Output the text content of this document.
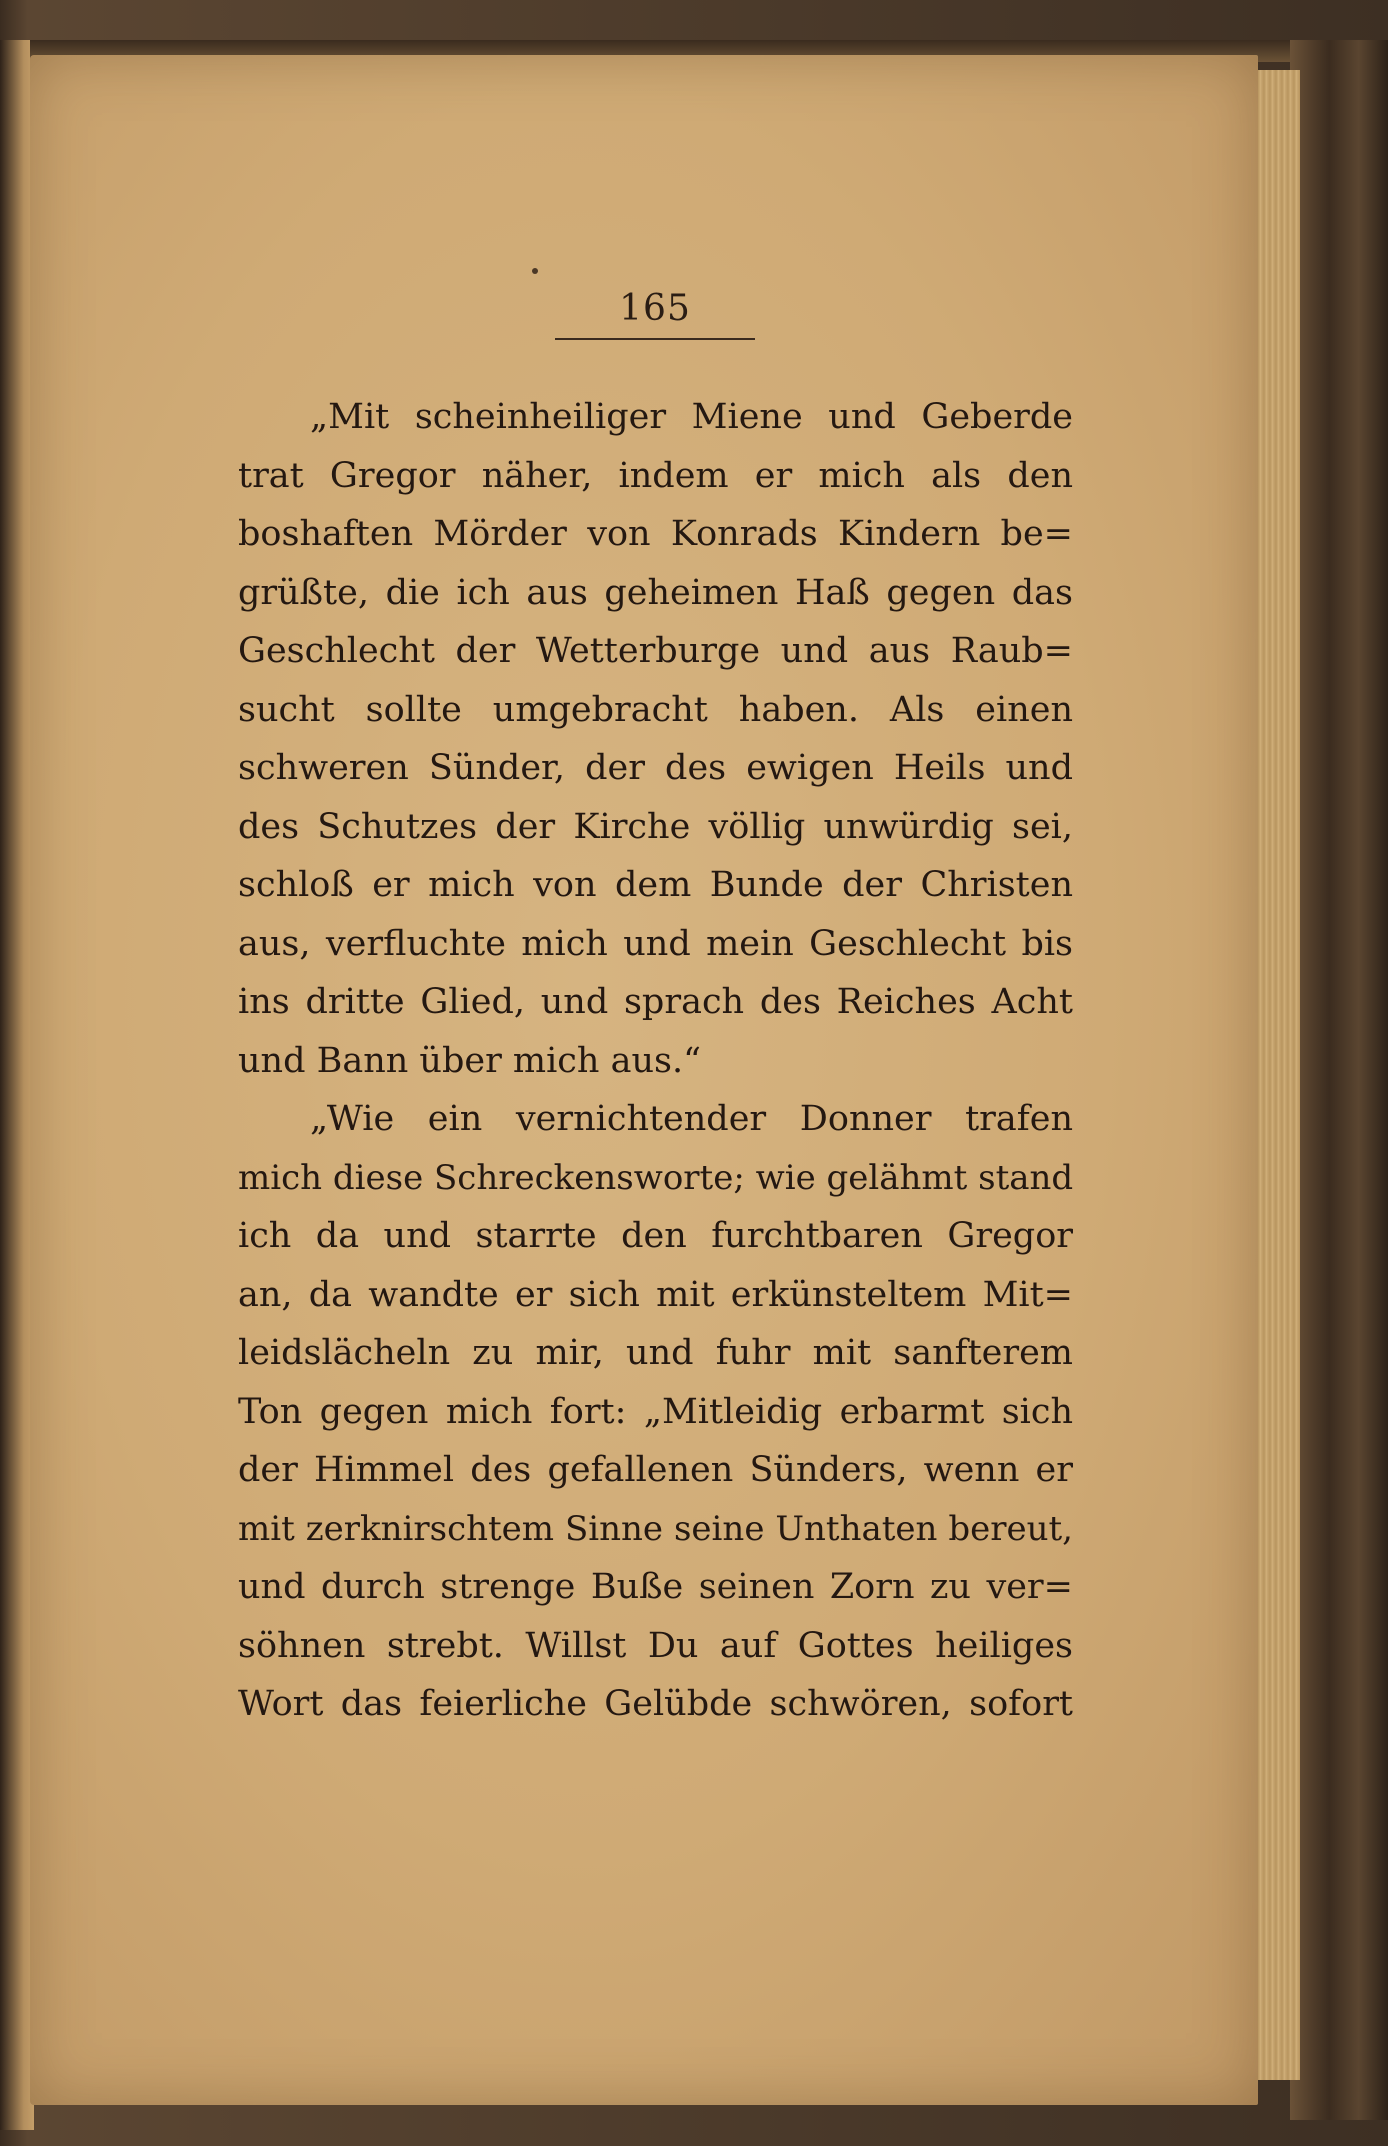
165
„Mit scheinheiliger Miene und Geberde
trat Gregor näher, indem er mich als den
boshaften Mörder von Konrads Kindern be=
grüßte, die ich aus geheimen Haß gegen das
Geschlecht der Wetterburge und aus Raub=
sucht sollte umgebracht haben. Als einen
schweren Sünder, der des ewigen Heils und
des Schutzes der Kirche völlig unwürdig sei,
schloß er mich von dem Bunde der Christen
aus, verfluchte mich und mein Geschlecht bis
ins dritte Glied, und sprach des Reiches Acht
und Bann über mich aus.“
„Wie ein vernichtender Donner trafen
mich diese Schreckensworte; wie gelähmt stand
ich da und starrte den furchtbaren Gregor
an, da wandte er sich mit erkünsteltem Mit=
leidslächeln zu mir, und fuhr mit sanfterem
Ton gegen mich fort: „Mitleidig erbarmt sich
der Himmel des gefallenen Sünders, wenn er
mit zerknirschtem Sinne seine Unthaten bereut,
und durch strenge Buße seinen Zorn zu ver=
söhnen strebt. Willst Du auf Gottes heiliges
Wort das feierliche Gelübde schwören, sofort
